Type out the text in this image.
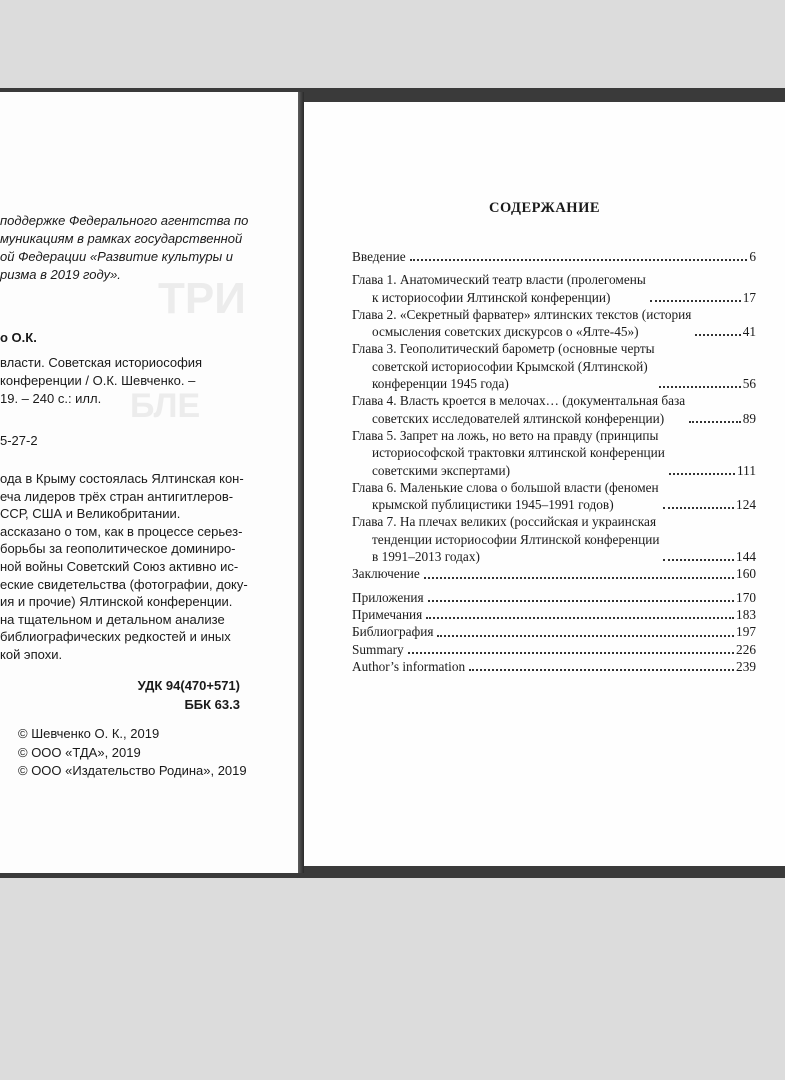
ТРИ
БЛЕ
поддержке Федерального агентства по
муникациям в рамках государственной
ой Федерации «Развитие культуры и
ризма в 2019 году».
о О.К.
власти. Советская историософия
конференции / О.К. Шевченко. –
19. – 240 с.: илл.
5-27-2
ода в Крыму состоялась Ялтинская кон-
еча лидеров трёх стран антигитлеров-
ССР, США и Великобритании.
ассказано о том, как в процессе серьез-
борьбы за геополитическое доминиро-
ной войны Советский Союз активно ис-
еские свидетельства (фотографии, доку-
ия и прочие) Ялтинской конференции.
на тщательном и детальном анализе
библиографических редкостей и иных
кой эпохи.
УДК 94(470+571)
ББК 63.3
© Шевченко О. К., 2019
© ООО «ТДА», 2019
© ООО «Издательство Родина», 2019
СОДЕРЖАНИЕ
Введение	6
Глава 1. Анатомический театр власти (пролегомены
к историософии Ялтинской конференции)	17
Глава 2. «Секретный фарватер» ялтинских текстов (история
осмысления советских дискурсов о «Ялте-45»)	41
Глава 3. Геополитический барометр (основные черты
советской историософии Крымской (Ялтинской)
конференции 1945 года)	56
Глава 4. Власть кроется в мелочах… (документальная база
советских исследователей ялтинской конференции)	89
Глава 5. Запрет на ложь, но вето на правду (принципы
историософской трактовки ялтинской конференции
советскими экспертами)	111
Глава 6. Маленькие слова о большой власти (феномен
крымской публицистики 1945–1991 годов)	124
Глава 7. На плечах великих (российская и украинская
тенденции историософии Ялтинской конференции
в 1991–2013 годах)	144
Заключение	160
Приложения	170
Примечания	183
Библиография	197
Summary	226
Author’s information	239
